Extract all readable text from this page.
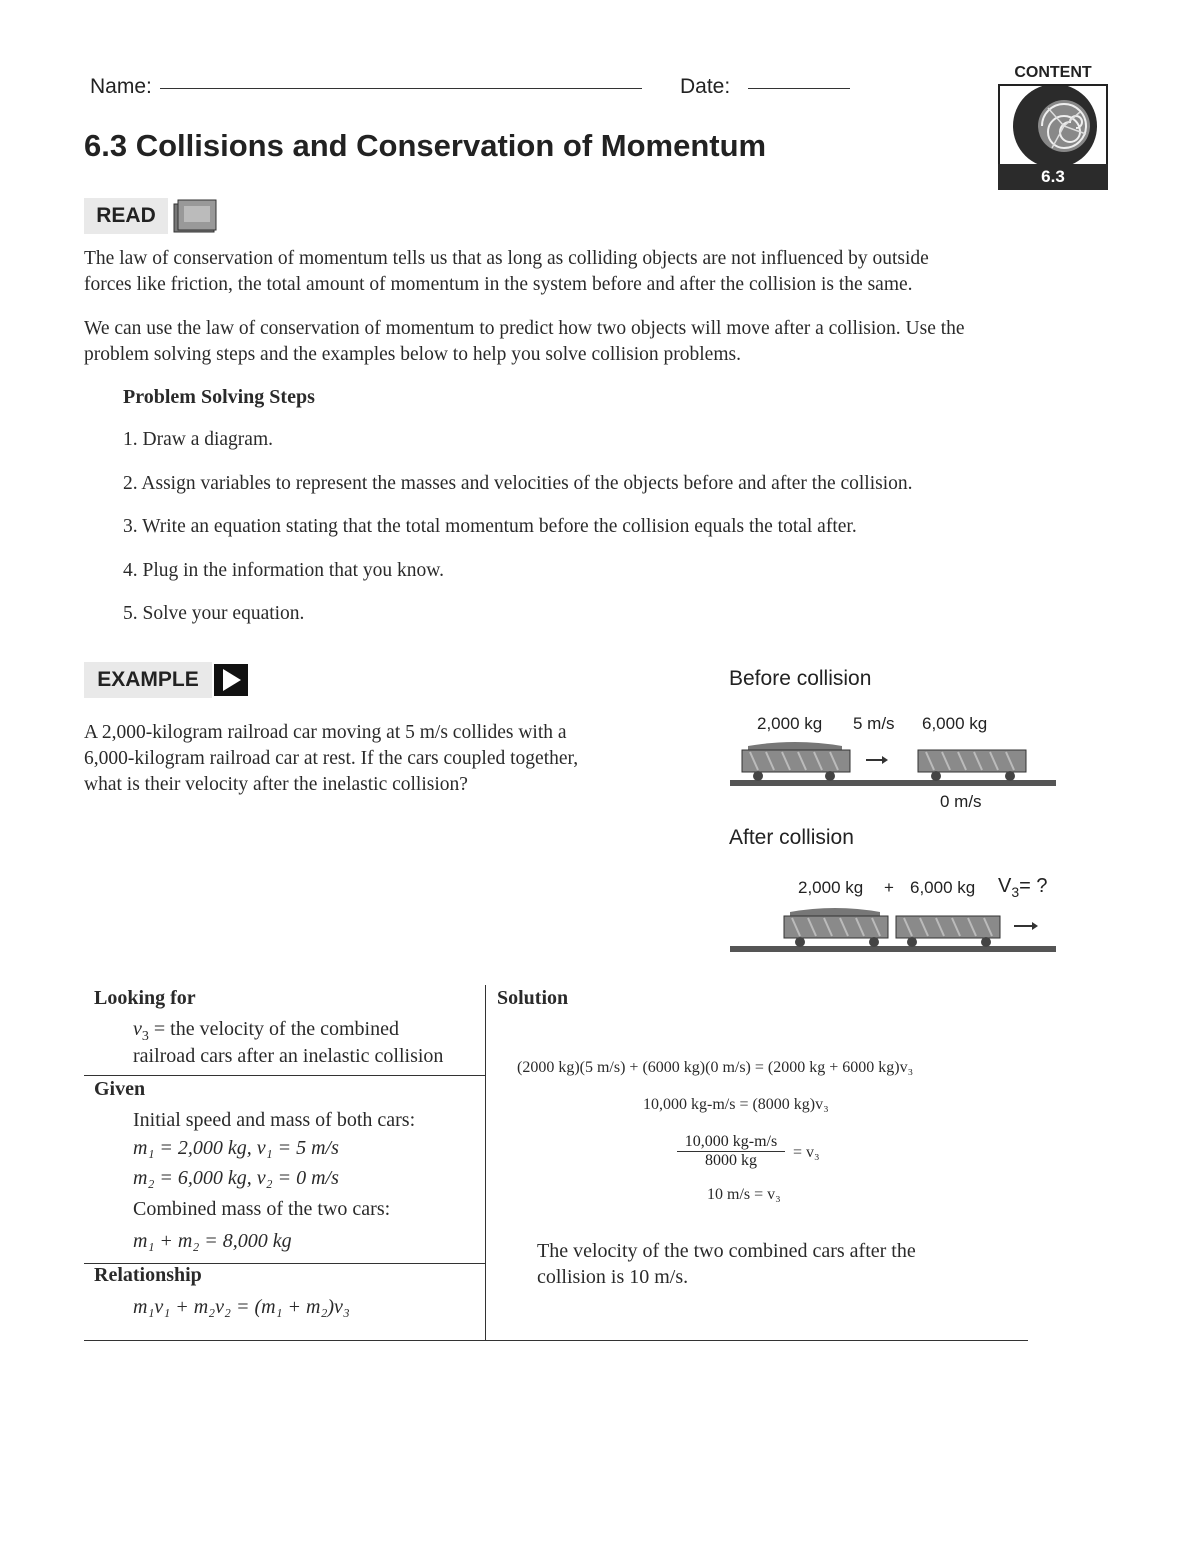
Name:	Date:
CONTENT
6.3
6.3 Collisions and Conservation of Momentum
READ
The law of conservation of momentum tells us that as long as colliding objects are not influenced by outside
forces like friction, the total amount of momentum in the system before and after the collision is the same.
We can use the law of conservation of momentum to predict how two objects will move after a collision. Use the
problem solving steps and the examples below to help you solve collision problems.
Problem Solving Steps
1. Draw a diagram.
2. Assign variables to represent the masses and velocities of the objects before and after the collision.
3. Write an equation stating that the total momentum before the collision equals the total after.
4. Plug in the information that you know.
5. Solve your equation.
EXAMPLE
A 2,000-kilogram railroad car moving at 5 m/s collides with a
6,000-kilogram railroad car at rest. If the cars coupled together,
what is their velocity after the inelastic collision?
Before collision
2,000 kg 5 m/s 6,000 kg
0 m/s
After collision
2,000 kg + 6,000 kg $V_3=$ ?
Looking for
$v_3$ = the velocity of the combined
railroad cars after an inelastic collision
Given
Initial speed and mass of both cars:
m₁ = 2,000 kg, v₁ = 5 m/s
m₂ = 6,000 kg, v₂ = 0 m/s
Combined mass of the two cars:
m₁ + m₂ = 8,000 kg
Relationship
m₁v₁ + m₂v₂ = (m₁ + m₂)v₃
Solution
(2000 kg)(5 m/s) + (6000 kg)(0 m/s) = (2000 kg + 6000 kg)v₃
10,000 kg-m/s = (8000 kg)v₃
$\frac{10,000 kg-m/s}{8000 kg} = v_3$
10 m/s = v₃
The velocity of the two combined cars after the
collision is 10 m/s.
